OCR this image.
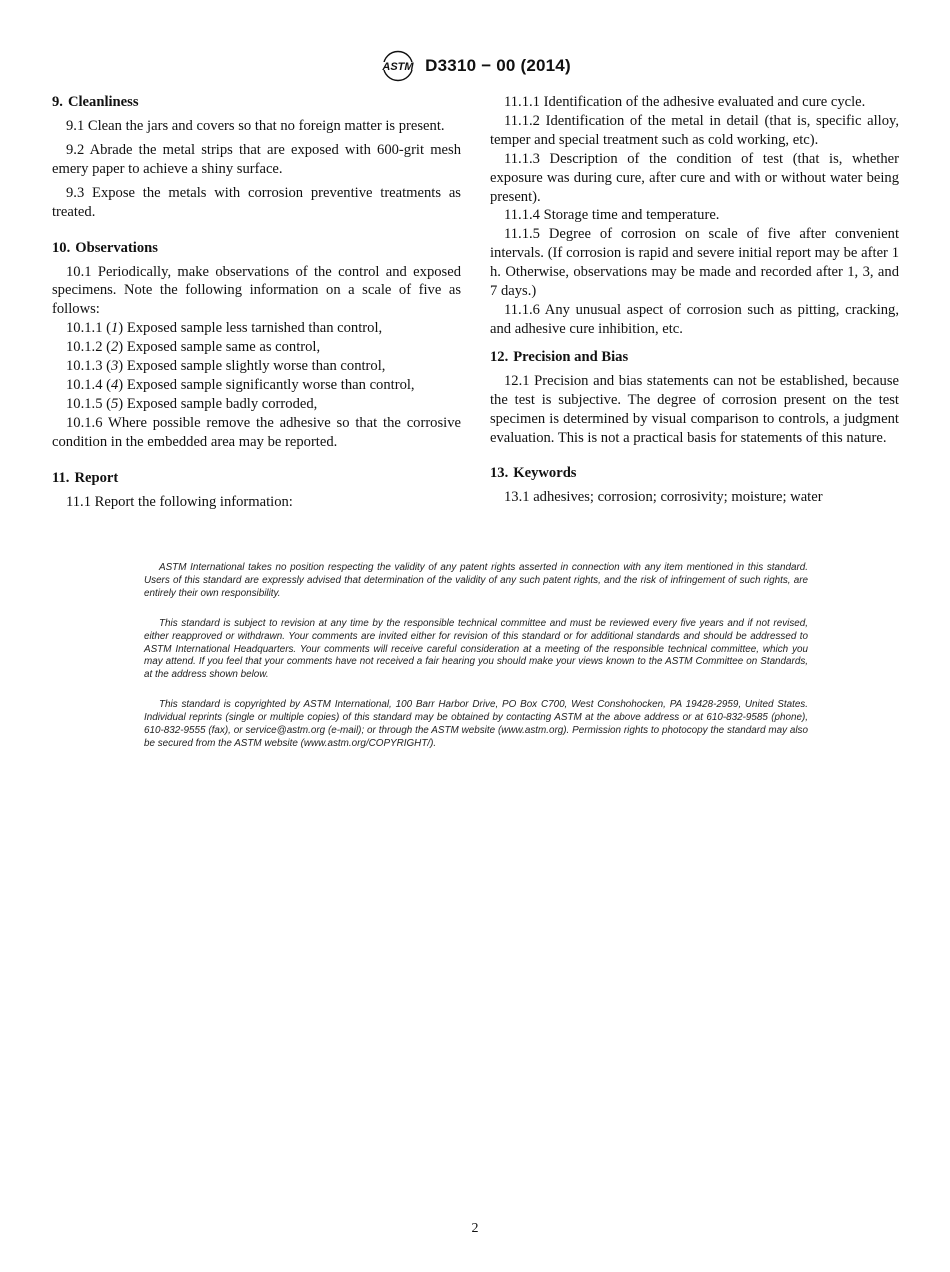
ASTM D3310 − 00 (2014)
9. Cleanliness

9.1 Clean the jars and covers so that no foreign matter is present.

9.2 Abrade the metal strips that are exposed with 600-grit mesh emery paper to achieve a shiny surface.

9.3 Expose the metals with corrosion preventive treatments as treated.

10. Observations

10.1 Periodically, make observations of the control and exposed specimens. Note the following information on a scale of five as follows:

10.1.1 (1) Exposed sample less tarnished than control,

10.1.2 (2) Exposed sample same as control,

10.1.3 (3) Exposed sample slightly worse than control,

10.1.4 (4) Exposed sample significantly worse than control,

10.1.5 (5) Exposed sample badly corroded,

10.1.6 Where possible remove the adhesive so that the corrosive condition in the embedded area may be reported.

11. Report

11.1 Report the following information:

11.1.1 Identification of the adhesive evaluated and cure cycle.

11.1.2 Identification of the metal in detail (that is, specific alloy, temper and special treatment such as cold working, etc).

11.1.3 Description of the condition of test (that is, whether exposure was during cure, after cure and with or without water being present).

11.1.4 Storage time and temperature.

11.1.5 Degree of corrosion on scale of five after convenient intervals. (If corrosion is rapid and severe initial report may be after 1 h. Otherwise, observations may be made and recorded after 1, 3, and 7 days.)

11.1.6 Any unusual aspect of corrosion such as pitting, cracking, and adhesive cure inhibition, etc.

12. Precision and Bias

12.1 Precision and bias statements can not be established, because the test is subjective. The degree of corrosion present on the test specimen is determined by visual comparison to controls, a judgment evaluation. This is not a practical basis for statements of this nature.

13. Keywords

13.1 adhesives; corrosion; corrosivity; moisture; water

ASTM International takes no position respecting the validity of any patent rights asserted in connection with any item mentioned in this standard. Users of this standard are expressly advised that determination of the validity of any such patent rights, and the risk of infringement of such rights, are entirely their own responsibility.

This standard is subject to revision at any time by the responsible technical committee and must be reviewed every five years and if not revised, either reapproved or withdrawn. Your comments are invited either for revision of this standard or for additional standards and should be addressed to ASTM International Headquarters. Your comments will receive careful consideration at a meeting of the responsible technical committee, which you may attend. If you feel that your comments have not received a fair hearing you should make your views known to the ASTM Committee on Standards, at the address shown below.

This standard is copyrighted by ASTM International, 100 Barr Harbor Drive, PO Box C700, West Conshohocken, PA 19428-2959, United States. Individual reprints (single or multiple copies) of this standard may be obtained by contacting ASTM at the above address or at 610-832-9585 (phone), 610-832-9555 (fax), or service@astm.org (e-mail); or through the ASTM website (www.astm.org). Permission rights to photocopy the standard may also be secured from the ASTM website (www.astm.org/COPYRIGHT/).

2
